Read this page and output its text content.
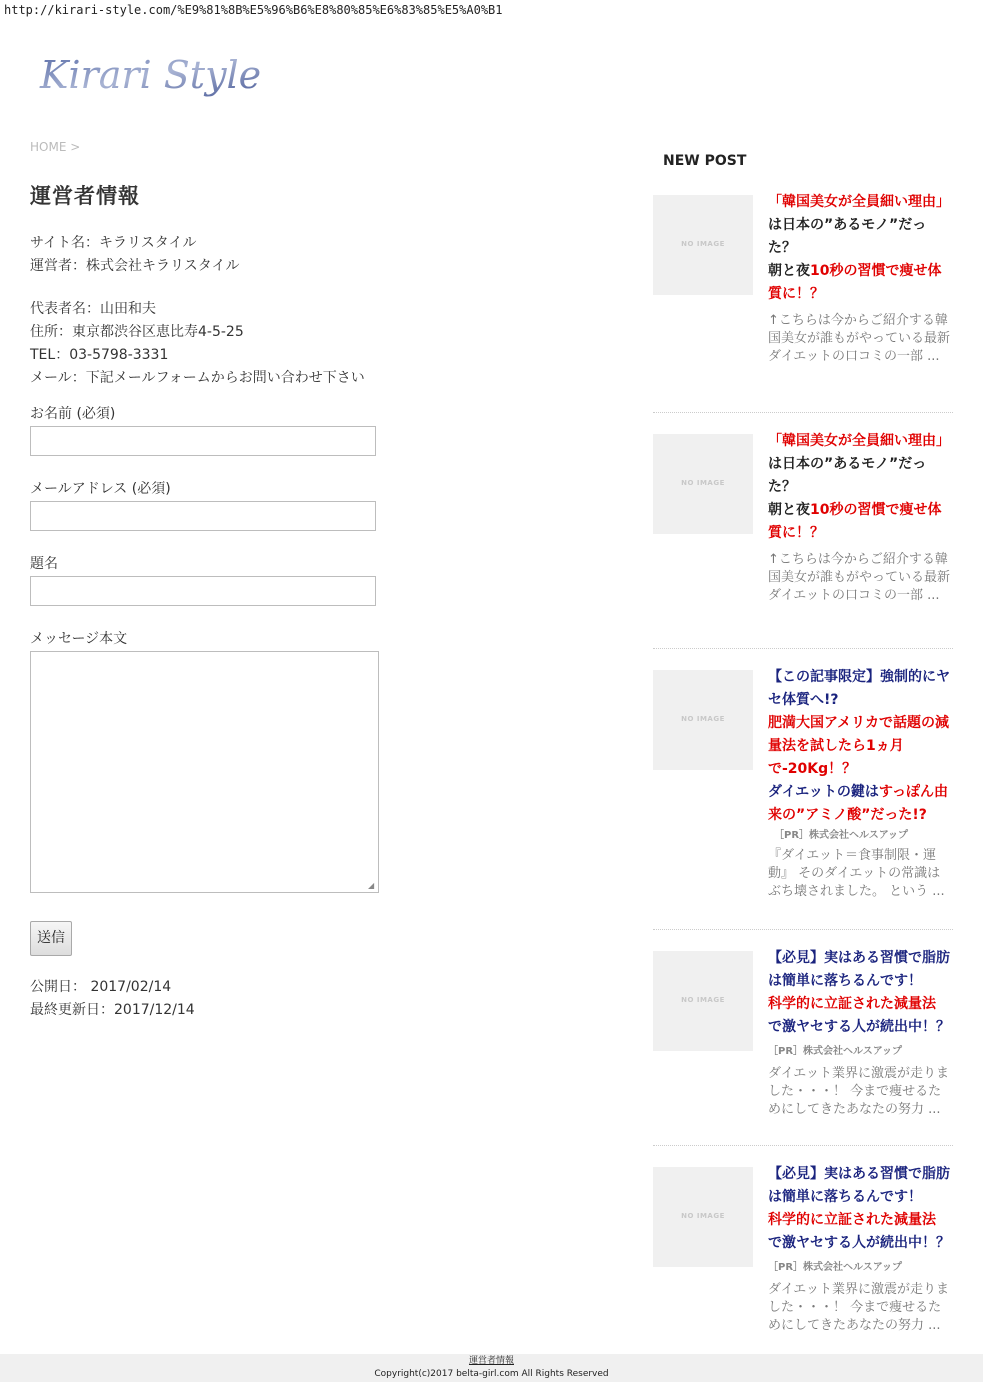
http://kirari-style.com/%E9%81%8B%E5%96%B6%E8%80%85%E6%83%85%E5%A0%B1
Kirari Style
HOME >
運営者情報
サイト名：キラリスタイル
運営者：株式会社キラリスタイル
代表者名：山田和夫
住所：東京都渋谷区恵比寿4-5-25
TEL：03-5798-3331
メール：下記メールフォームからお問い合わせ下さい
お名前 (必須)
メールアドレス (必須)
題名
メッセージ本文
◢
送信
公開日： 2017/02/14
最終更新日：2017/12/14
NEW POST
NO IMAGE
「韓国美女が全員細い理由」は日本の”あるモノ”だった？
朝と夜10秒の習慣で痩せ体質に！？
↑こちらは今からご紹介する韓国美女が誰もがやっている最新ダイエットの口コミの一部 ...
NO IMAGE
「韓国美女が全員細い理由」は日本の”あるモノ”だった？
朝と夜10秒の習慣で痩せ体質に！？
↑こちらは今からご紹介する韓国美女が誰もがやっている最新ダイエットの口コミの一部 ...
NO IMAGE
【この記事限定】強制的にヤセ体質へ!?
肥満大国アメリカで話題の減量法を試したら1ヵ月で-20Kg！？
ダイエットの鍵はすっぽん由来の”アミノ酸”だった!?
［PR］株式会社ヘルスアップ
『ダイエット＝食事制限・運動』 そのダイエットの常識はぶち壊されました。 という ...
NO IMAGE
【必見】実はある習慣で脂肪は簡単に落ちるんです！
科学的に立証された減量法
で激ヤセする人が続出中！？ ［PR］株式会社ヘルスアップ
ダイエット業界に激震が走りました・・・！ 今まで痩せるためにしてきたあなたの努力 ...
NO IMAGE
【必見】実はある習慣で脂肪は簡単に落ちるんです！
科学的に立証された減量法
で激ヤセする人が続出中！？ ［PR］株式会社ヘルスアップ
ダイエット業界に激震が走りました・・・！ 今まで痩せるためにしてきたあなたの努力 ...
運営者情報
Copyright(c)2017 belta-girl.com All Rights Reserved
